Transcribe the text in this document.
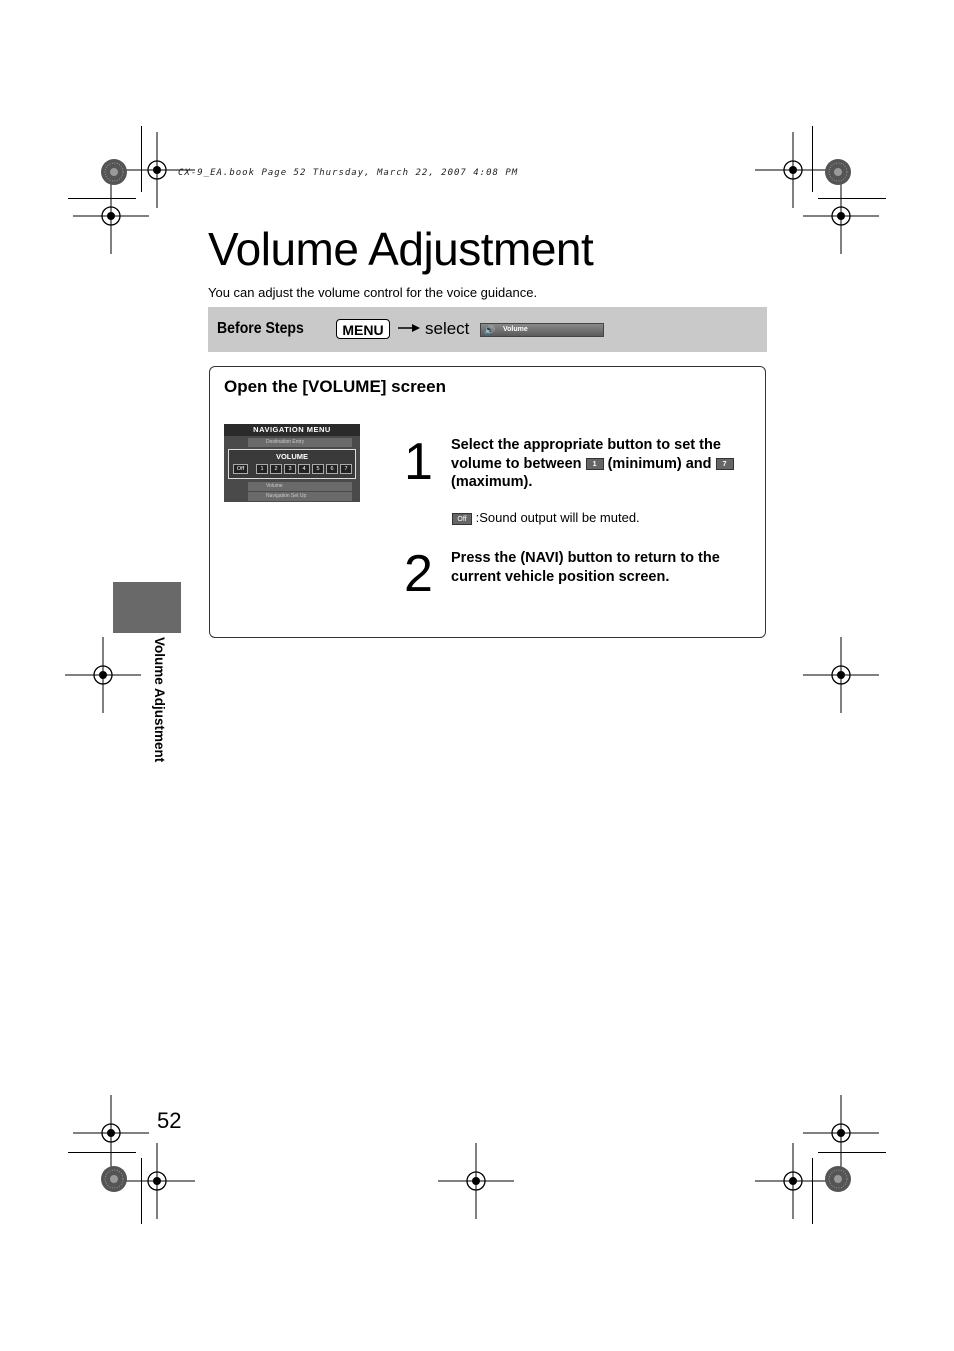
CX-9_EA.book Page 52 Thursday, March 22, 2007 4:08 PM
Volume Adjustment
You can adjust the volume control for the voice guidance.
Before Steps	MENU	select 🔊 Volume
Open the [VOLUME] screen
NAVIGATION MENU
Destination Entry
VOLUME
Off	1	2	3	4	5	6	7
Volume
Navigation Set Up
1 Select the appropriate button to set the volume to between 1 (minimum) and 7 (maximum).
Off :Sound output will be muted.
2 Press the (NAVI) button to return to the current vehicle position screen.
Volume Adjustment
52
